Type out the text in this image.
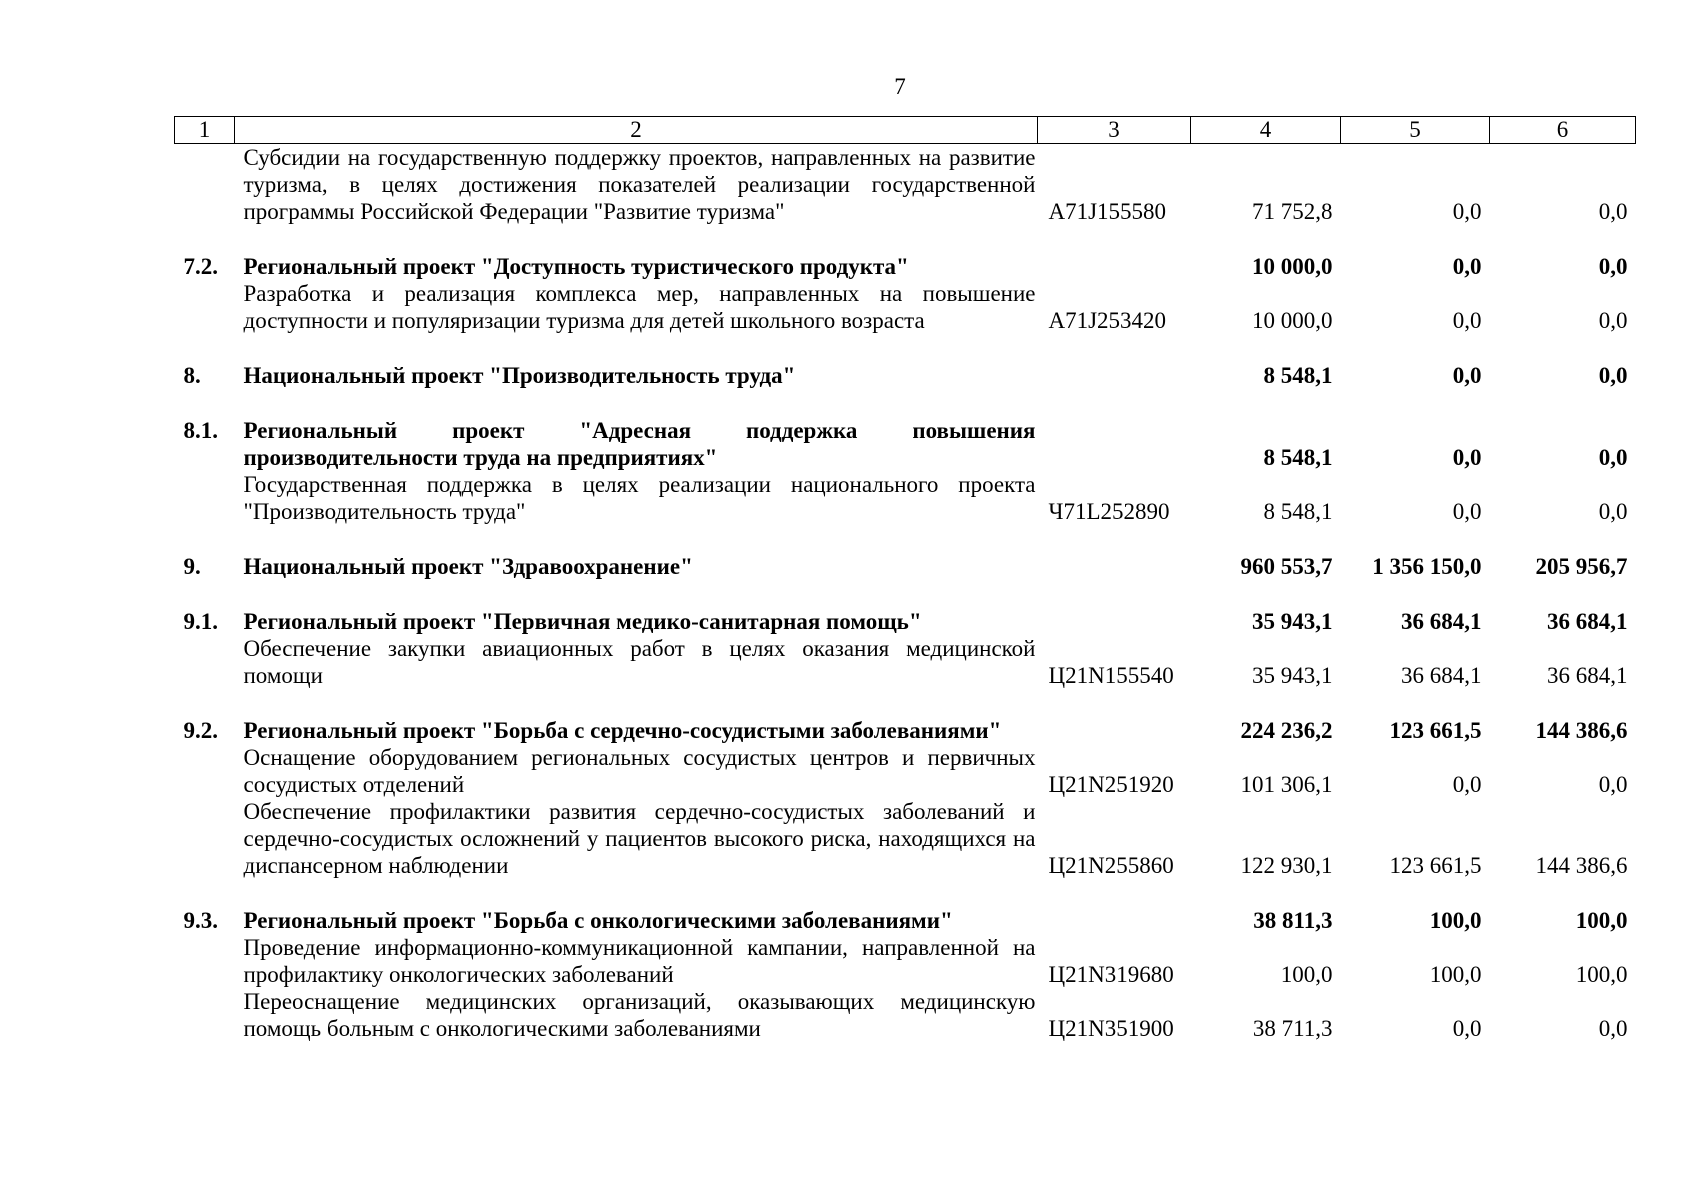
7
1	2	3	4	5	6
	Субсидии на государственную поддержку проектов, направленных на развитие туризма, в целях достижения показателей реализации государственной программы Российской Федерации "Развитие туризма"	А71J155580	71 752,8	0,0	0,0

7.2.	Региональный проект "Доступность туристического продукта"		10 000,0	0,0	0,0
	Разработка и реализация комплекса мер, направленных на повышение доступности и популяризации туризма для детей школьного возраста	А71J253420	10 000,0	0,0	0,0

8.	Национальный проект "Производительность труда"		8 548,1	0,0	0,0

8.1.	Региональный проект "Адресная поддержка повышения производительности труда на предприятиях"		8 548,1	0,0	0,0
	Государственная поддержка в целях реализации национального проекта "Производительность труда"	Ч71L252890	8 548,1	0,0	0,0

9.	Национальный проект "Здравоохранение"		960 553,7	1 356 150,0	205 956,7

9.1.	Региональный проект "Первичная медико-санитарная помощь"		35 943,1	36 684,1	36 684,1
	Обеспечение закупки авиационных работ в целях оказания медицинской помощи	Ц21N155540	35 943,1	36 684,1	36 684,1

9.2.	Региональный проект "Борьба с сердечно-сосудистыми заболеваниями"		224 236,2	123 661,5	144 386,6
	Оснащение оборудованием региональных сосудистых центров и первичных сосудистых отделений	Ц21N251920	101 306,1	0,0	0,0
	Обеспечение профилактики развития сердечно-сосудистых заболеваний и сердечно-сосудистых осложнений у пациентов высокого риска, находящихся на диспансерном наблюдении	Ц21N255860	122 930,1	123 661,5	144 386,6

9.3.	Региональный проект "Борьба с онкологическими заболеваниями"		38 811,3	100,0	100,0
	Проведение информационно-коммуникационной кампании, направленной на профилактику онкологических заболеваний	Ц21N319680	100,0	100,0	100,0
	Переоснащение медицинских организаций, оказывающих медицинскую помощь больным с онкологическими заболеваниями	Ц21N351900	38 711,3	0,0	0,0
